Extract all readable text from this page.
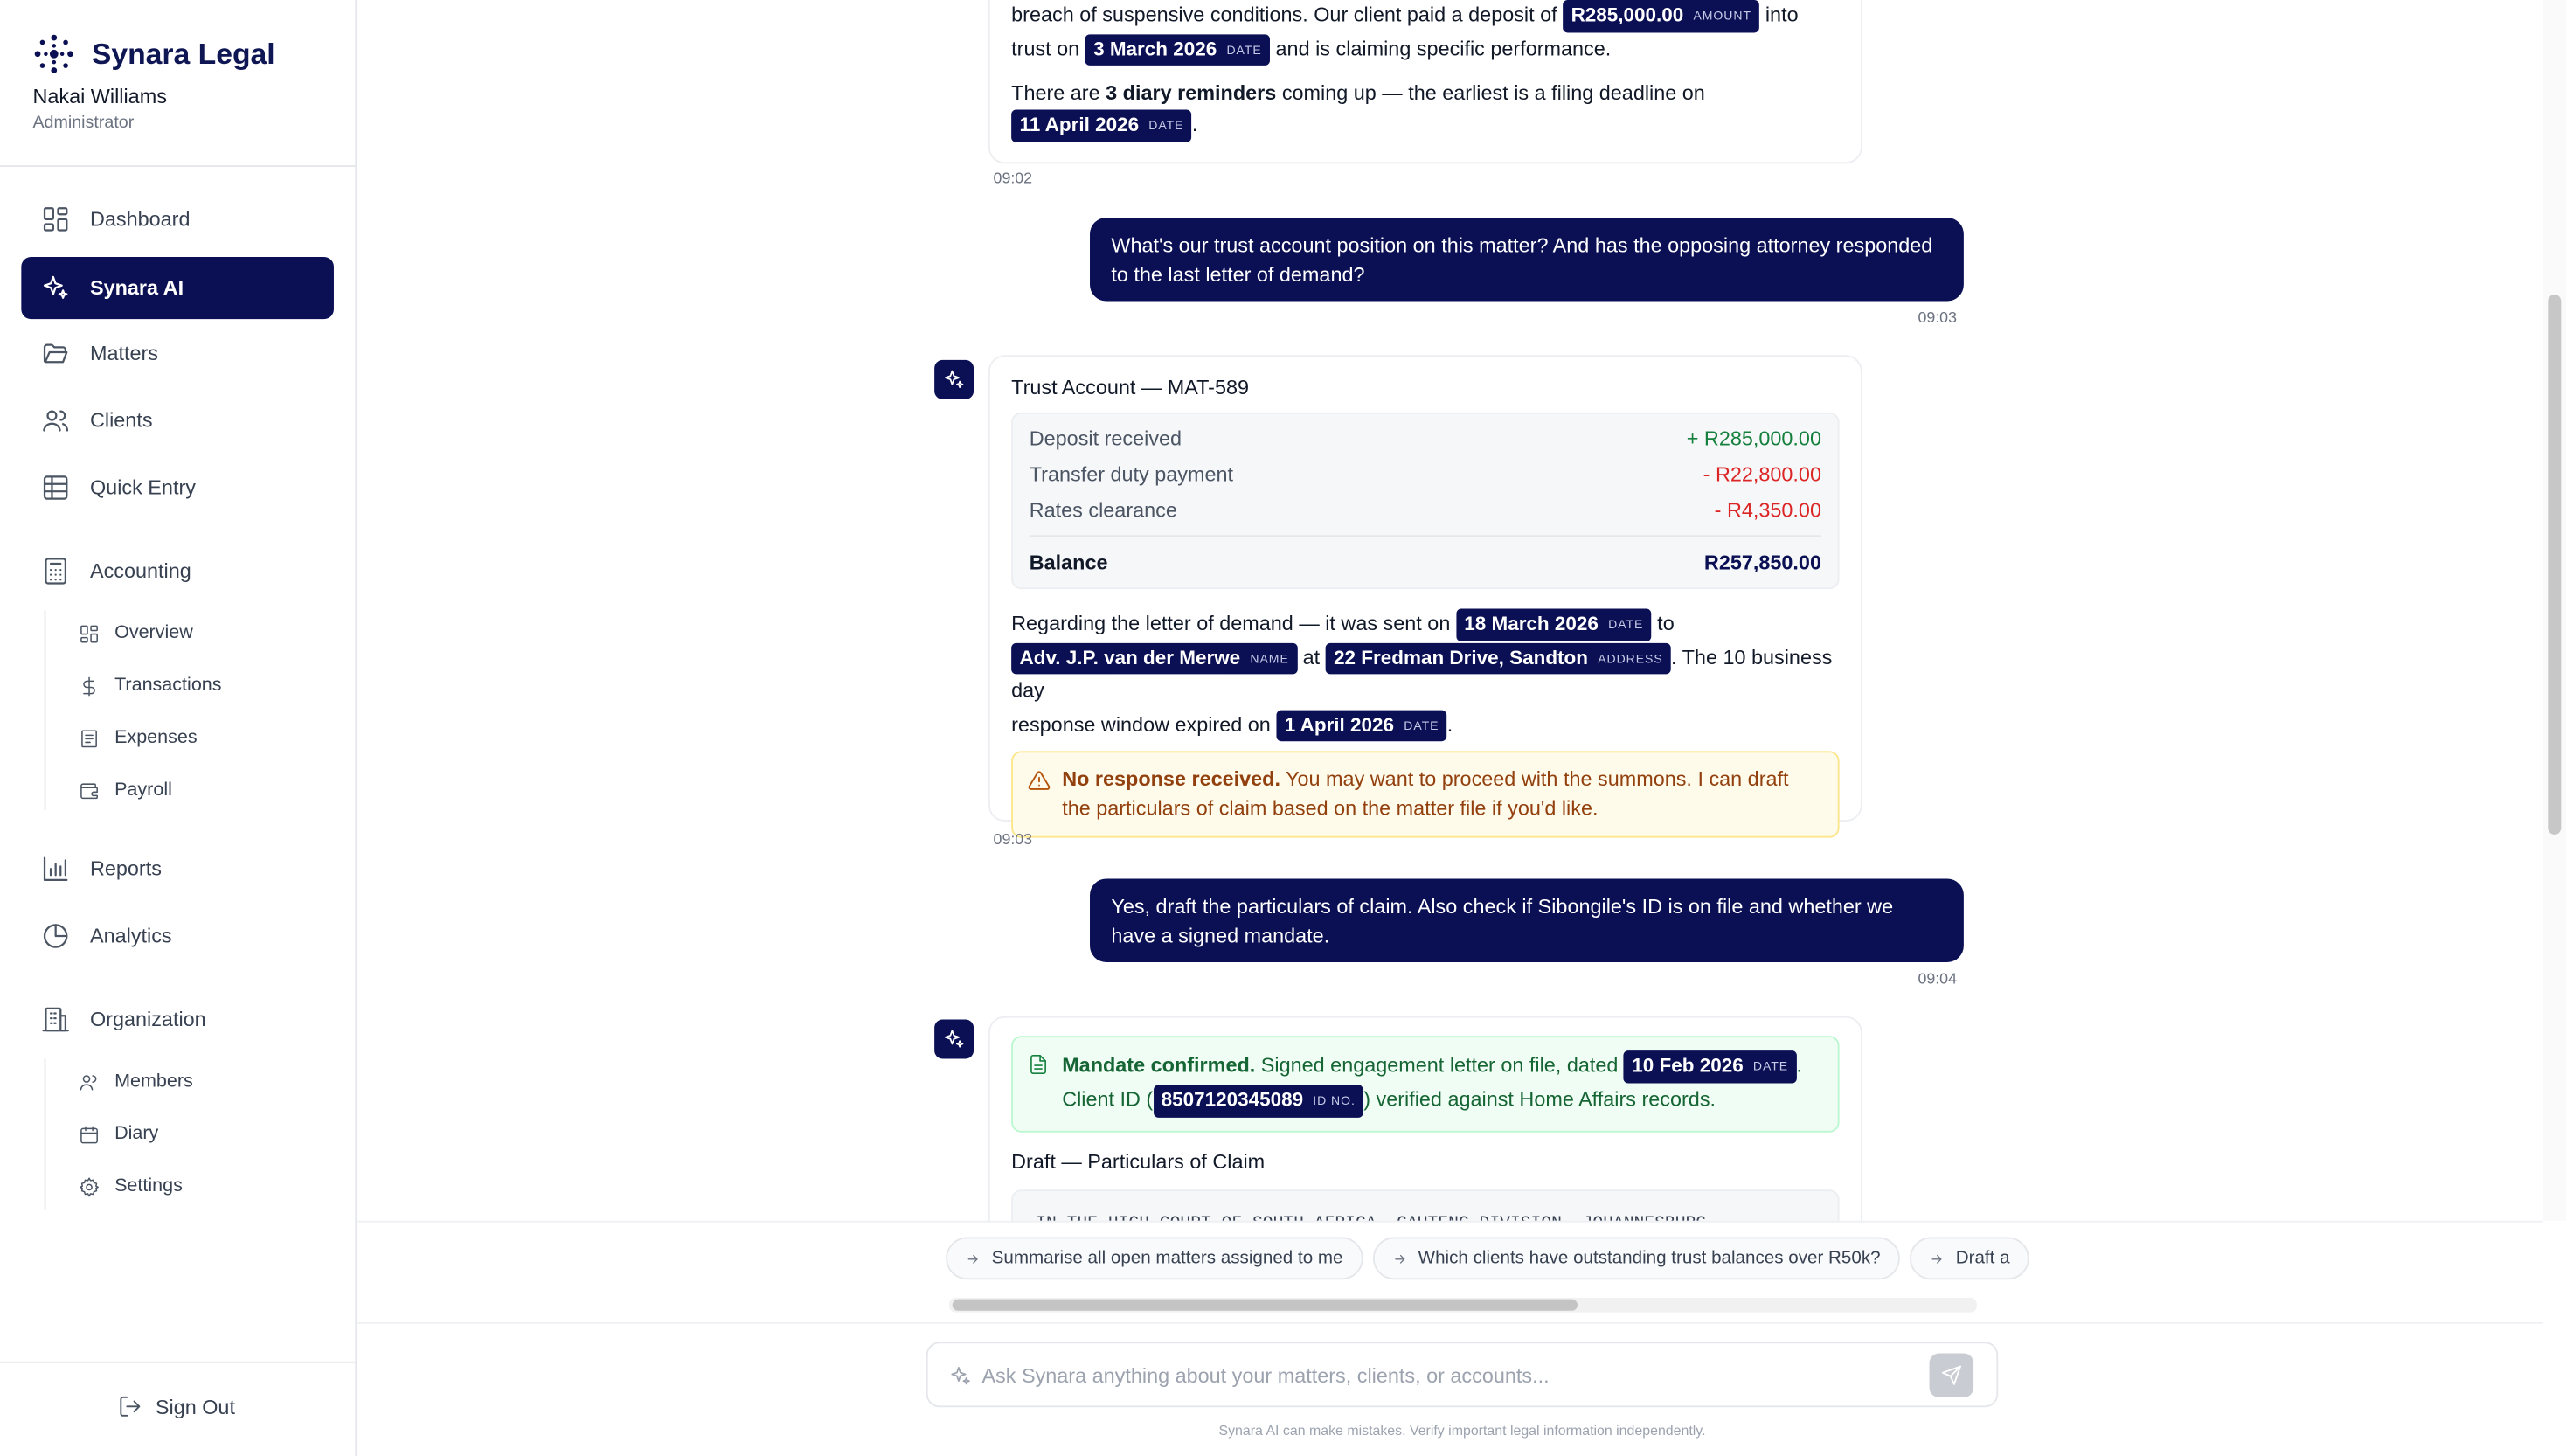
Synara Legal
Nakai Williams
Administrator
Dashboard
Synara AI
Matters
Clients
Quick Entry
Accounting
Overview
Transactions
Expenses
Payroll
Reports
Analytics
Organization
Members
Diary
Settings
Sign Out
breach of suspensive conditions. Our client paid a deposit of R285,000.00 AMOUNT into
trust on 3 March 2026 DATE and is claiming specific performance.
There are 3 diary reminders coming up — the earliest is a filing deadline on

11 April 2026 DATE .
09:02
What's our trust account position on this matter? And has the opposing attorney responded to the last letter of demand?
09:03
Trust Account — MAT-589
Deposit received	+ R285,000.00
Transfer duty payment	- R22,800.00
Rates clearance	- R4,350.00
Balance	R257,850.00
Regarding the letter of demand — it was sent on 18 March 2026 DATE to

Adv. J.P. van der Merwe NAME at 22 Fredman Drive, Sandton ADDRESS . The 10 business day
response window expired on 1 April 2026 DATE .
No response received. You may want to proceed with the summons. I can draft the particulars of claim based on the matter file if you'd like.
09:03
Yes, draft the particulars of claim. Also check if Sibongile's ID is on file and whether we have a signed mandate.
09:04
Mandate confirmed. Signed engagement letter on file, dated 10 Feb 2026 DATE .
Client ID ( 8507120345089 ID NO. ) verified against Home Affairs records.
Draft — Particulars of Claim
Summarise all open matters assigned to me	Which clients have outstanding trust balances over R50k?	Draft a
Ask Synara anything about your matters, clients, or accounts...
Synara AI can make mistakes. Verify important legal information independently.
